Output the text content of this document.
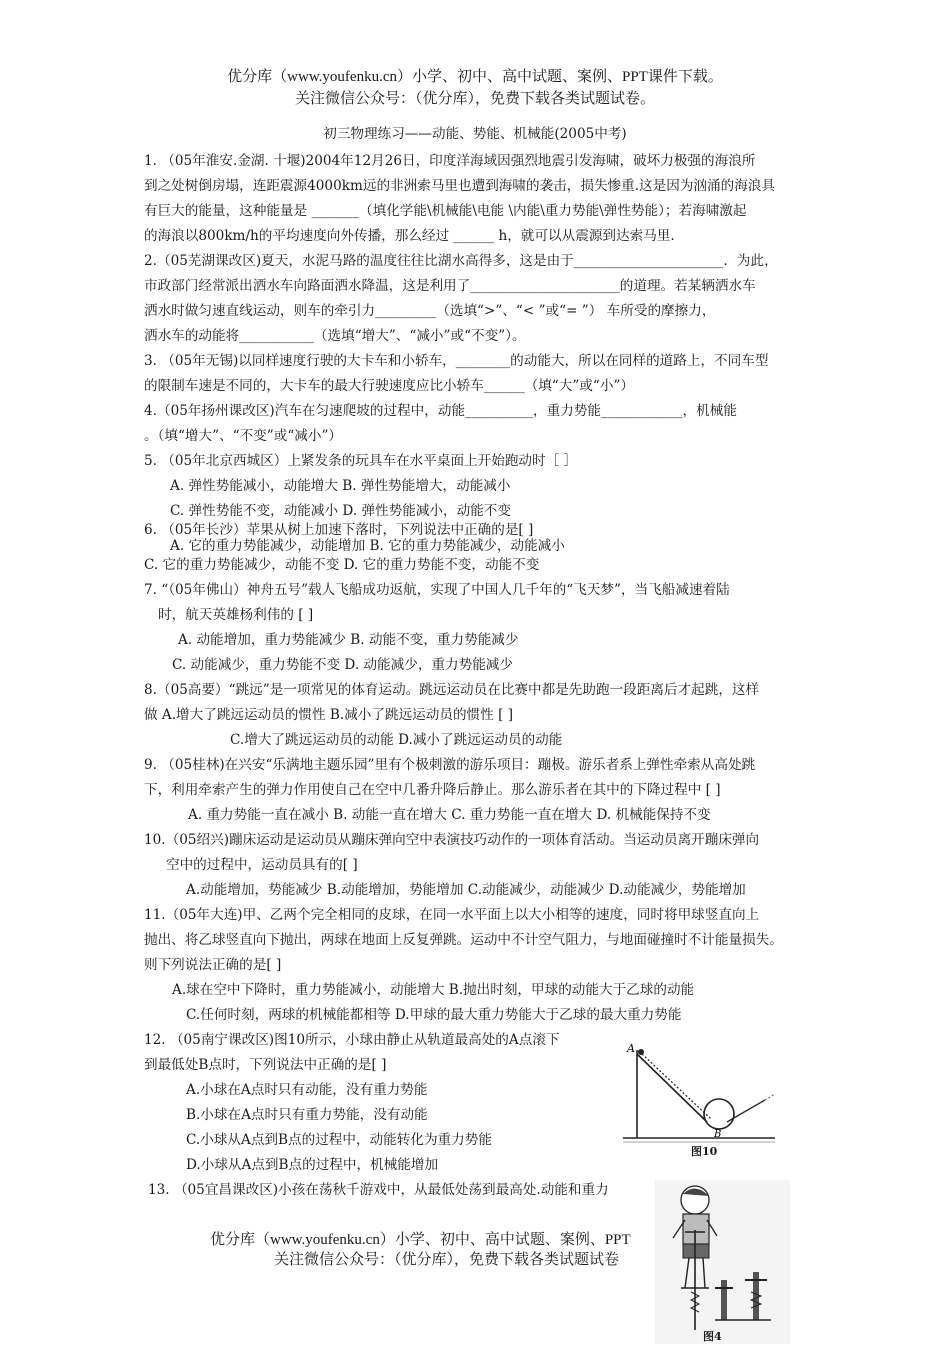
优分库（www.youfenku.cn）小学、初中、高中试题、案例、PPT课件下载。
关注微信公众号：（优分库），免费下载各类试题试卷。
初三物理练习——动能、势能、机械能(2005中考)
1. （05年淮安.金湖. 十堰)2004年12月26日，印度洋海域因强烈地震引发海啸，破坏力极强的海浪所
到之处树倒房塌，连距震源4000km远的非洲索马里也遭到海啸的袭击，损失惨重.这是因为汹涌的海浪具
有巨大的能量，这种能量是 _______（填化学能\机械能\电能 \内能\重力势能\弹性势能）；若海啸激起
的海浪以800km/h的平均速度向外传播，那么经过 ______ h，就可以从震源到达索马里.
2.（05芜湖课改区)夏天，水泥马路的温度往往比湖水高得多，这是由于______________________．为此，
市政部门经常派出洒水车向路面洒水降温，这是利用了______________________的道理。若某辆洒水车
洒水时做匀速直线运动，则车的牵引力_________（选填“>”、“< ”或“= ”） 车所受的摩擦力，
洒水车的动能将___________（选填“增大”、“减小”或“不变”）。
3. （05年无锡)以同样速度行驶的大卡车和小轿车，________的动能大，所以在同样的道路上，不同车型
的限制车速是不同的，大卡车的最大行驶速度应比小轿车______（填“大”或“小”）
4.（05年扬州课改区)汽车在匀速爬坡的过程中，动能__________，重力势能____________，机械能
。（填“增大”、“不变”或“减小”）
5. （05年北京西城区）上紧发条的玩具车在水平桌面上开始跑动时［ ］
A. 弹性势能减小，动能增大 B. 弹性势能增大，动能减小
C. 弹性势能不变，动能减小 D. 弹性势能减小，动能不变
6. （05年长沙）苹果从树上加速下落时，下列说法中正确的是[ ]
A. 它的重力势能减少，动能增加 B. 它的重力势能减少，动能减小
C. 它的重力势能减少，动能不变 D. 它的重力势能不变，动能不变
7. “（05年佛山）神舟五号”载人飞船成功返航，实现了中国人几千年的“飞天梦”，当飞船减速着陆
时，航天英雄杨利伟的 [ ]
A. 动能增加，重力势能减少 B. 动能不变，重力势能减少
C. 动能减少，重力势能不变 D. 动能减少，重力势能减少
8.（05高要）“跳远”是一项常见的体育运动。跳远运动员在比赛中都是先助跑一段距离后才起跳，这样
做 A.增大了跳远运动员的惯性 B.减小了跳远运动员的惯性 [ ]
C.增大了跳远运动员的动能 D.减小了跳远运动员的动能
9. （05桂林)在兴安“乐满地主题乐园”里有个极刺激的游乐项目：蹦极。游乐者系上弹性牵索从高处跳
下，利用牵索产生的弹力作用使自己在空中几番升降后静止。那么游乐者在其中的下降过程中 [ ]
A. 重力势能一直在减小 B. 动能一直在增大 C. 重力势能一直在增大 D. 机械能保持不变
10.（05绍兴)蹦床运动是运动员从蹦床弹向空中表演技巧动作的一项体育活动。当运动员离开蹦床弹向
空中的过程中，运动员具有的[ ]
A.动能增加，势能减少 B.动能增加，势能增加 C.动能减少，动能减少 D.动能减少，势能增加
11.（05年大连)甲、乙两个完全相同的皮球，在同一水平面上以大小相等的速度，同时将甲球竖直向上
抛出、将乙球竖直向下抛出，两球在地面上反复弹跳。运动中不计空气阻力，与地面碰撞时不计能量损失。
则下列说法正确的是[ ]
A.球在空中下降时，重力势能减小，动能增大 B.抛出时刻，甲球的动能大于乙球的动能
C.任何时刻，两球的机械能都相等 D.甲球的最大重力势能大于乙球的最大重力势能
12. （05南宁课改区)图10所示，小球由静止从轨道最高处的A点滚下
到最低处B点时，下列说法中正确的是[ ]
A.小球在A点时只有动能，没有重力势能
B.小球在A点时只有重力势能，没有动能
C.小球从A点到B点的过程中，动能转化为重力势能
D.小球从A点到B点的过程中，机械能增加
13. （05宜昌课改区)小孩在荡秋千游戏中，从最低处荡到最高处.动能和重力
A
B
图10
图4
优分库（www.youfenku.cn）小学、初中、高中试题、案例、PPT
关注微信公众号：（优分库），免费下载各类试题试卷
